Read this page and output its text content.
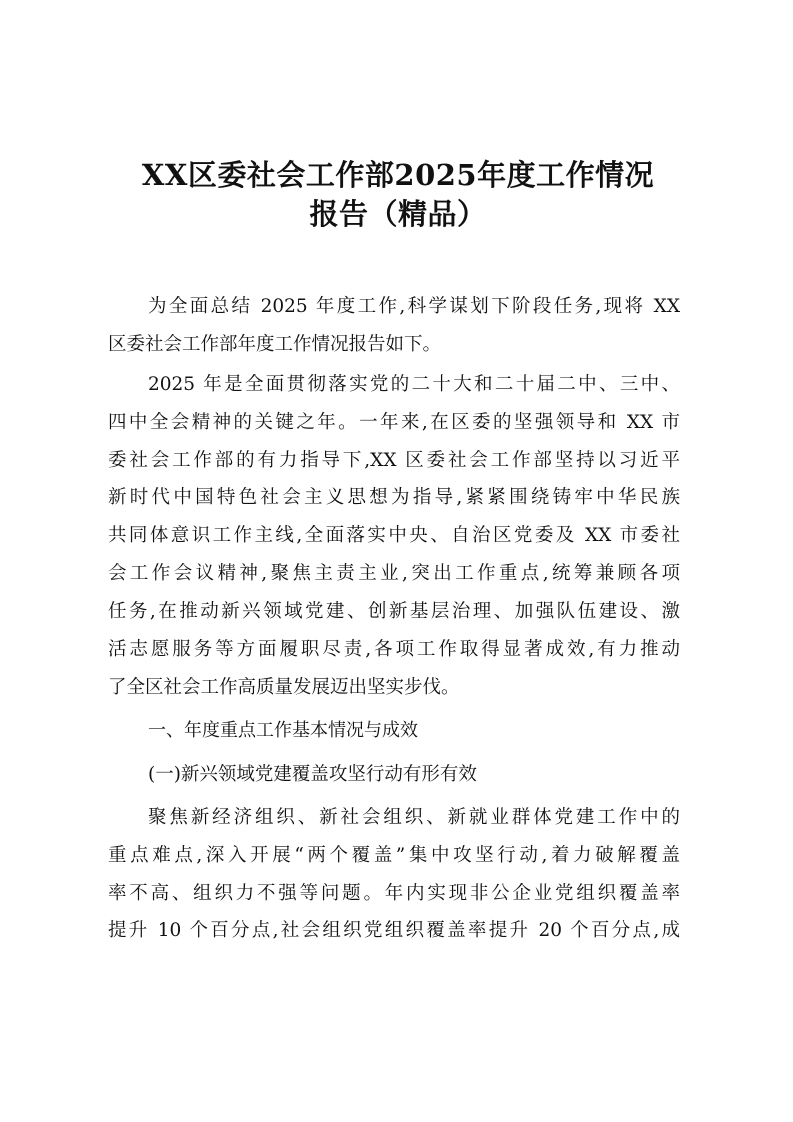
XX区委社会工作部2025年度工作情况
报告（精品）
为全面总结 2025 年度工作,科学谋划下阶段任务,现将 XX
区委社会工作部年度工作情况报告如下。
2025 年是全面贯彻落实党的二十大和二十届二中、三中、
四中全会精神的关键之年。一年来,在区委的坚强领导和 XX 市
委社会工作部的有力指导下,XX 区委社会工作部坚持以习近平
新时代中国特色社会主义思想为指导,紧紧围绕铸牢中华民族
共同体意识工作主线,全面落实中央、自治区党委及 XX 市委社
会工作会议精神,聚焦主责主业,突出工作重点,统筹兼顾各项
任务,在推动新兴领域党建、创新基层治理、加强队伍建设、激
活志愿服务等方面履职尽责,各项工作取得显著成效,有力推动
了全区社会工作高质量发展迈出坚实步伐。
一、年度重点工作基本情况与成效
(一)新兴领域党建覆盖攻坚行动有形有效
聚焦新经济组织、新社会组织、新就业群体党建工作中的
重点难点,深入开展“两个覆盖”集中攻坚行动,着力破解覆盖
率不高、组织力不强等问题。年内实现非公企业党组织覆盖率
提升 10 个百分点,社会组织党组织覆盖率提升 20 个百分点,成
